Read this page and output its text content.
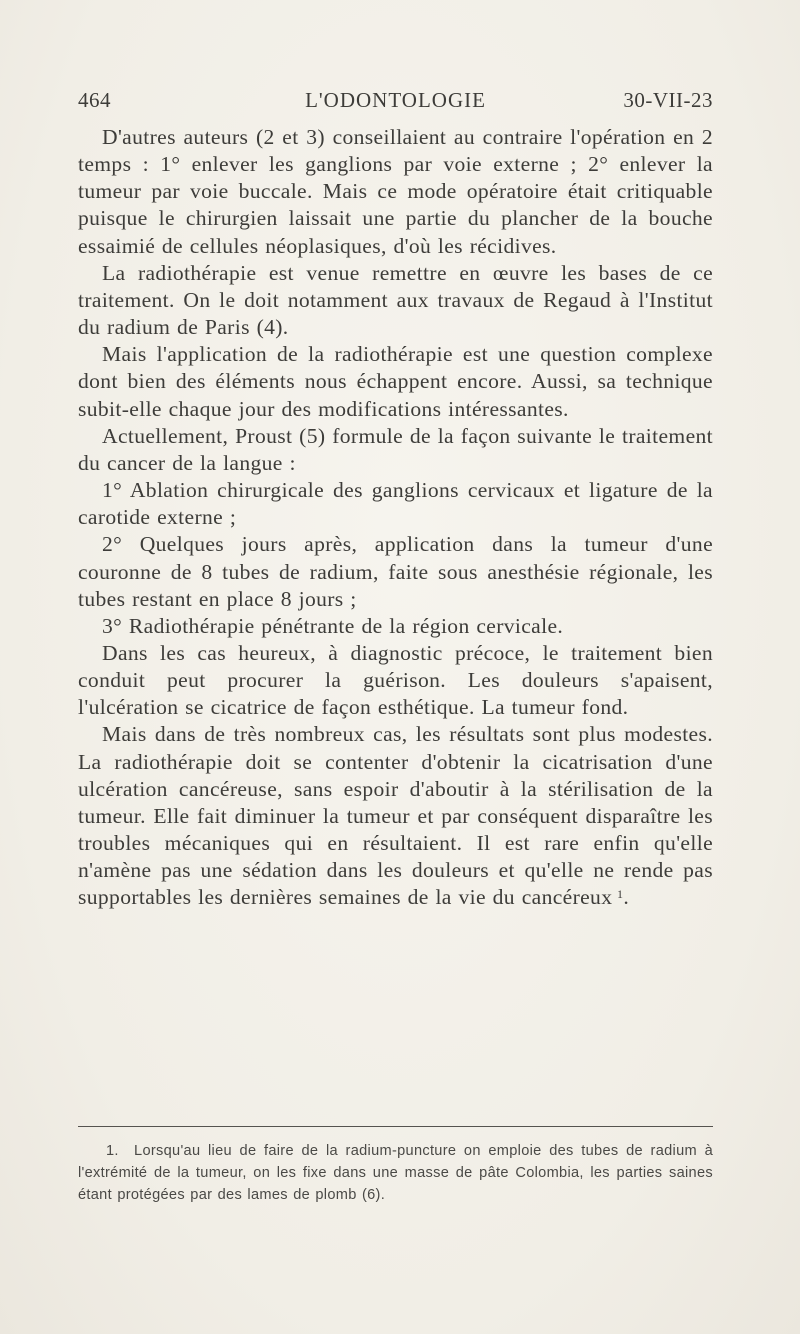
L'ODONTOLOGIE
464	30-VII-23

D'autres auteurs (2 et 3) conseillaient au contraire l'opération en 2 temps : 1° enlever les ganglions par voie externe ; 2° enlever la tumeur par voie buccale. Mais ce mode opératoire était critiquable puisque le chirurgien laissait une partie du plancher de la bouche essaimié de cellules néoplasiques, d'où les récidives.

La radiothérapie est venue remettre en œuvre les bases de ce traitement. On le doit notamment aux travaux de Regaud à l'Institut du radium de Paris (4).

Mais l'application de la radiothérapie est une question complexe dont bien des éléments nous échappent encore. Aussi, sa technique subit-elle chaque jour des modifications intéressantes.

Actuellement, Proust (5) formule de la façon suivante le traitement du cancer de la langue :

1° Ablation chirurgicale des ganglions cervicaux et ligature de la carotide externe ;

2° Quelques jours après, application dans la tumeur d'une couronne de 8 tubes de radium, faite sous anesthésie régionale, les tubes restant en place 8 jours ;

3° Radiothérapie pénétrante de la région cervicale.

Dans les cas heureux, à diagnostic précoce, le traitement bien conduit peut procurer la guérison. Les douleurs s'apaisent, l'ulcération se cicatrice de façon esthétique. La tumeur fond.

Mais dans de très nombreux cas, les résultats sont plus modestes. La radiothérapie doit se contenter d'obtenir la cicatrisation d'une ulcération cancéreuse, sans espoir d'aboutir à la stérilisation de la tumeur. Elle fait diminuer la tumeur et par conséquent disparaître les troubles mécaniques qui en résultaient. Il est rare enfin qu'elle n'amène pas une sédation dans les douleurs et qu'elle ne rende pas supportables les dernières semaines de la vie du cancéreux  $^1$.

1. Lorsqu'au lieu de faire de la radium-puncture on emploie des tubes de radium à l'extrémité de la tumeur, on les fixe dans une masse de pâte Colombia, les parties saines étant protégées par des lames de plomb (6).
